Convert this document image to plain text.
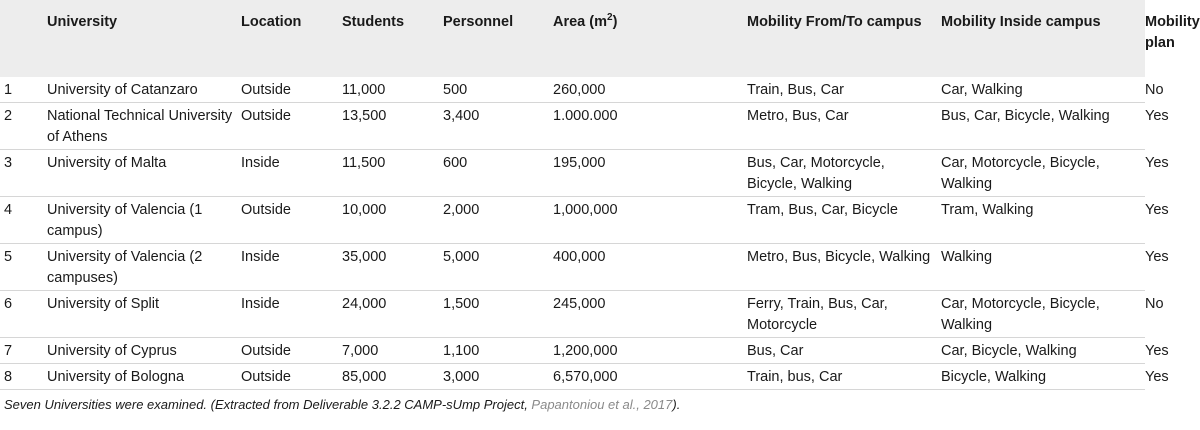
	University	Location	Students	Personnel	Area $(m^2)$	Mobility From/To campus	Mobility Inside campus	Mobility plan
1	University of Catanzaro	Outside	11,000	500	260,000	Train, Bus, Car	Car, Walking	No
2	National Technical University of Athens	Outside	13,500	3,400	1.000.000	Metro, Bus, Car	Bus, Car, Bicycle, Walking	Yes
3	University of Malta	Inside	11,500	600	195,000	Bus, Car, Motorcycle, Bicycle, Walking	Car, Motorcycle, Bicycle, Walking	Yes
4	University of Valencia (1 campus)	Outside	10,000	2,000	1,000,000	Tram, Bus, Car, Bicycle	Tram, Walking	Yes
5	University of Valencia (2 campuses)	Inside	35,000	5,000	400,000	Metro, Bus, Bicycle, Walking	Walking	Yes
6	University of Split	Inside	24,000	1,500	245,000	Ferry, Train, Bus, Car, Motorcycle	Car, Motorcycle, Bicycle, Walking	No
7	University of Cyprus	Outside	7,000	1,100	1,200,000	Bus, Car	Car, Bicycle, Walking	Yes
8	University of Bologna	Outside	85,000	3,000	6,570,000	Train, bus, Car	Bicycle, Walking	Yes
Seven Universities were examined. (Extracted from Deliverable 3.2.2 CAMP-sUmp Project, Papantoniou et al., 2017).
